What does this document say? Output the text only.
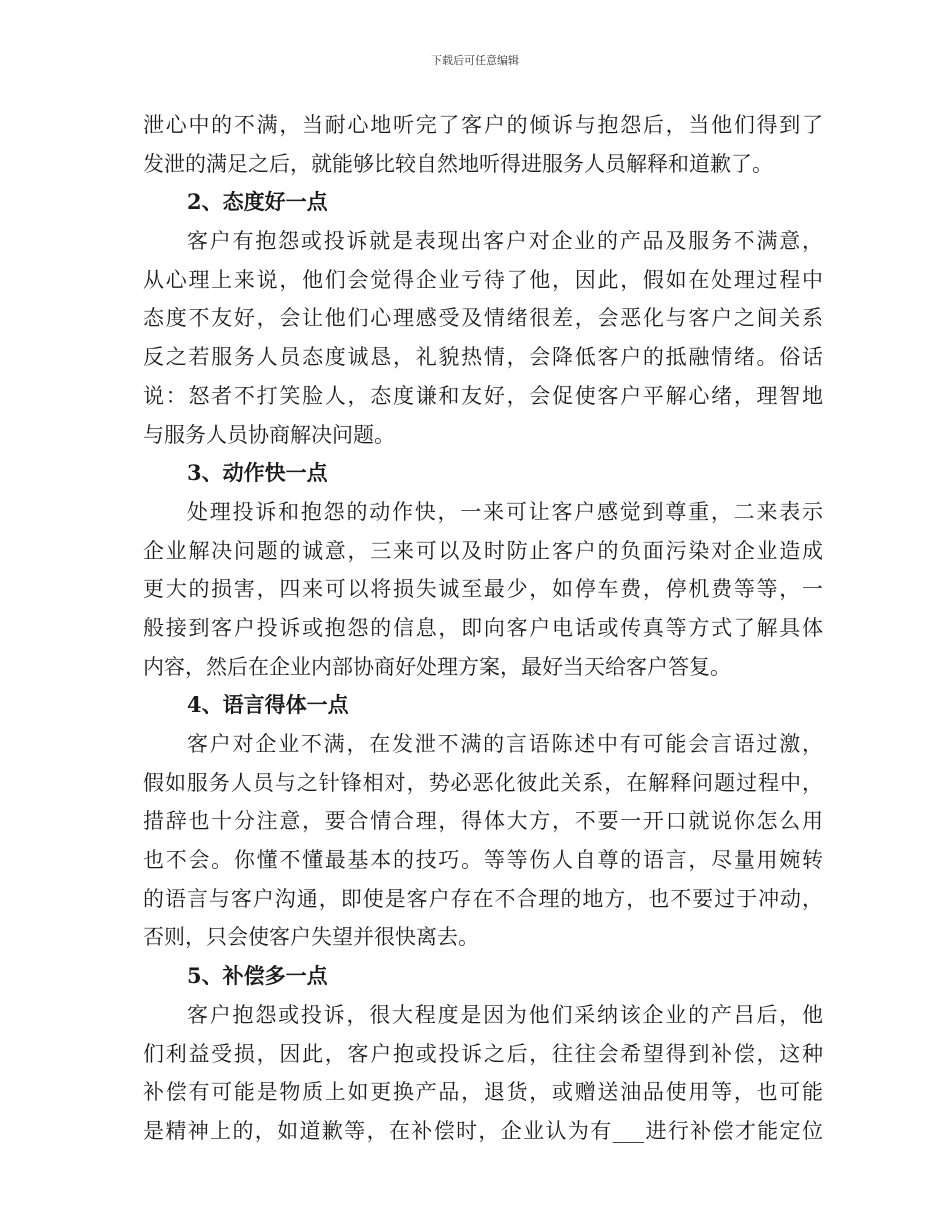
下载后可任意编辑
泄心中的不满，当耐心地听完了客户的倾诉与抱怨后，当他们得到了
发泄的满足之后，就能够比较自然地听得进服务人员解释和道歉了。
2、态度好一点
客户有抱怨或投诉就是表现出客户对企业的产品及服务不满意，
从心理上来说，他们会觉得企业亏待了他，因此，假如在处理过程中
态度不友好，会让他们心理感受及情绪很差，会恶化与客户之间关系
反之若服务人员态度诚恳，礼貌热情，会降低客户的抵融情绪。俗话
说：怒者不打笑脸人，态度谦和友好，会促使客户平解心绪，理智地
与服务人员协商解决问题。
3、动作快一点
处理投诉和抱怨的动作快，一来可让客户感觉到尊重，二来表示
企业解决问题的诚意，三来可以及时防止客户的负面污染对企业造成
更大的损害，四来可以将损失诚至最少，如停车费，停机费等等，一
般接到客户投诉或抱怨的信息，即向客户电话或传真等方式了解具体
内容，然后在企业内部协商好处理方案，最好当天给客户答复。
4、语言得体一点
客户对企业不满，在发泄不满的言语陈述中有可能会言语过激，
假如服务人员与之针锋相对，势必恶化彼此关系，在解释问题过程中，
措辞也十分注意，要合情合理，得体大方，不要一开口就说你怎么用
也不会。你懂不懂最基本的技巧。等等伤人自尊的语言，尽量用婉转
的语言与客户沟通，即使是客户存在不合理的地方，也不要过于冲动，
否则，只会使客户失望并很快离去。
5、补偿多一点
客户抱怨或投诉，很大程度是因为他们采纳该企业的产吕后，他
们利益受损，因此，客户抱或投诉之后，往往会希望得到补偿，这种
补偿有可能是物质上如更换产品，退货，或赠送油品使用等，也可能
是精神上的，如道歉等，在补偿时，企业认为有___进行补偿才能定位
